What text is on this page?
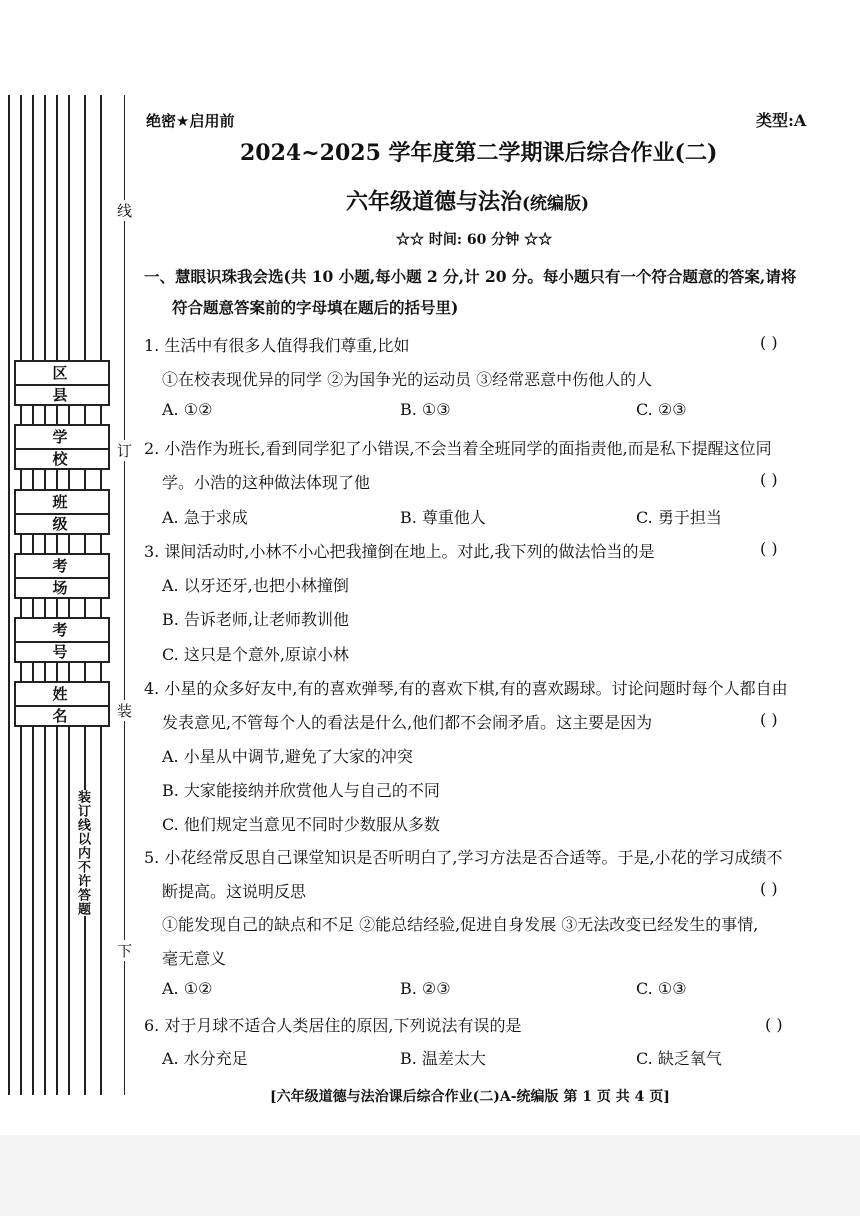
线
订
装
下
区 县
学 校
班 级
考 场
考 号
姓 名
装订线以内不许答题
绝密★启用前	类型:A
2024~2025 学年度第二学期课后综合作业(二)
六年级道德与法治(统编版)
☆☆ 时间: 60 分钟 ☆☆
一、慧眼识珠我会选(共 10 小题,每小题 2 分,计 20 分。每小题只有一个符合题意的答案,请将
符合题意答案前的字母填在题后的括号里)
1. 生活中有很多人值得我们尊重,比如	( )
①在校表现优异的同学 ②为国争光的运动员 ③经常恶意中伤他人的人
A. ①②	B. ①③	C. ②③
2. 小浩作为班长,看到同学犯了小错误,不会当着全班同学的面指责他,而是私下提醒这位同
学。小浩的这种做法体现了他	( )
A. 急于求成	B. 尊重他人	C. 勇于担当
3. 课间活动时,小林不小心把我撞倒在地上。对此,我下列的做法恰当的是	( )
A. 以牙还牙,也把小林撞倒
B. 告诉老师,让老师教训他
C. 这只是个意外,原谅小林
4. 小星的众多好友中,有的喜欢弹琴,有的喜欢下棋,有的喜欢踢球。讨论问题时每个人都自由
发表意见,不管每个人的看法是什么,他们都不会闹矛盾。这主要是因为	( )
A. 小星从中调节,避免了大家的冲突
B. 大家能接纳并欣赏他人与自己的不同
C. 他们规定当意见不同时少数服从多数
5. 小花经常反思自己课堂知识是否听明白了,学习方法是否合适等。于是,小花的学习成绩不
断提高。这说明反思	( )
①能发现自己的缺点和不足 ②能总结经验,促进自身发展 ③无法改变已经发生的事情,
毫无意义
A. ①②	B. ②③	C. ①③
6. 对于月球不适合人类居住的原因,下列说法有误的是	( )
A. 水分充足	B. 温差太大	C. 缺乏氧气
[六年级道德与法治课后综合作业(二)A-统编版 第 1 页 共 4 页]
